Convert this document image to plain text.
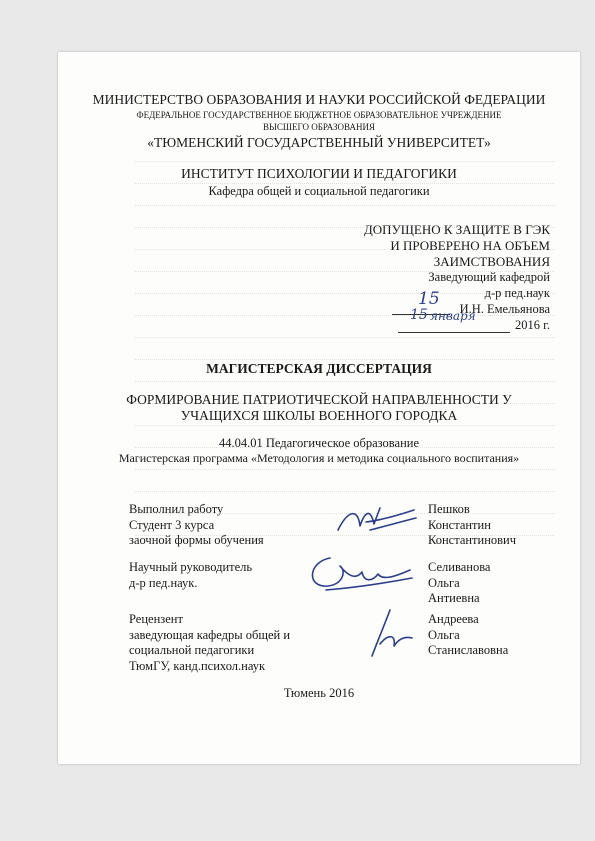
МИНИСТЕРСТВО ОБРАЗОВАНИЯ И НАУКИ РОССИЙСКОЙ ФЕДЕРАЦИИ
ФЕДЕРАЛЬНОЕ ГОСУДАРСТВЕННОЕ БЮДЖЕТНОЕ ОБРАЗОВАТЕЛЬНОЕ УЧРЕЖДЕНИЕ
ВЫСШЕГО ОБРАЗОВАНИЯ
«ТЮМЕНСКИЙ ГОСУДАРСТВЕННЫЙ УНИВЕРСИТЕТ»
ИНСТИТУТ ПСИХОЛОГИИ И ПЕДАГОГИКИ
Кафедра общей и социальной педагогики
ДОПУЩЕНО К ЗАЩИТЕ В ГЭК
И ПРОВЕРЕНО НА ОБЪЕМ
ЗАИМСТВОВАНИЯ
Заведующий кафедрой
д-р пед.наук
15 И.Н. Емельянова
15 января
2016 г.
МАГИСТЕРСКАЯ ДИССЕРТАЦИЯ
ФОРМИРОВАНИЕ ПАТРИОТИЧЕСКОЙ НАПРАВЛЕННОСТИ У
УЧАЩИХСЯ ШКОЛЫ ВОЕННОГО ГОРОДКА
44.04.01 Педагогическое образование
Магистерская программа «Методология и методика социального воспитания»
Выполнил работу
Студент 3 курса
заочной формы обучения
Пешков
Константин
Константинович
Научный руководитель
д-р пед.наук.
Селиванова
Ольга
Антиевна
Рецензент
заведующая кафедры общей и
социальной педагогики
ТюмГУ, канд.психол.наук
Андреева
Ольга
Станиславовна
Тюмень 2016
